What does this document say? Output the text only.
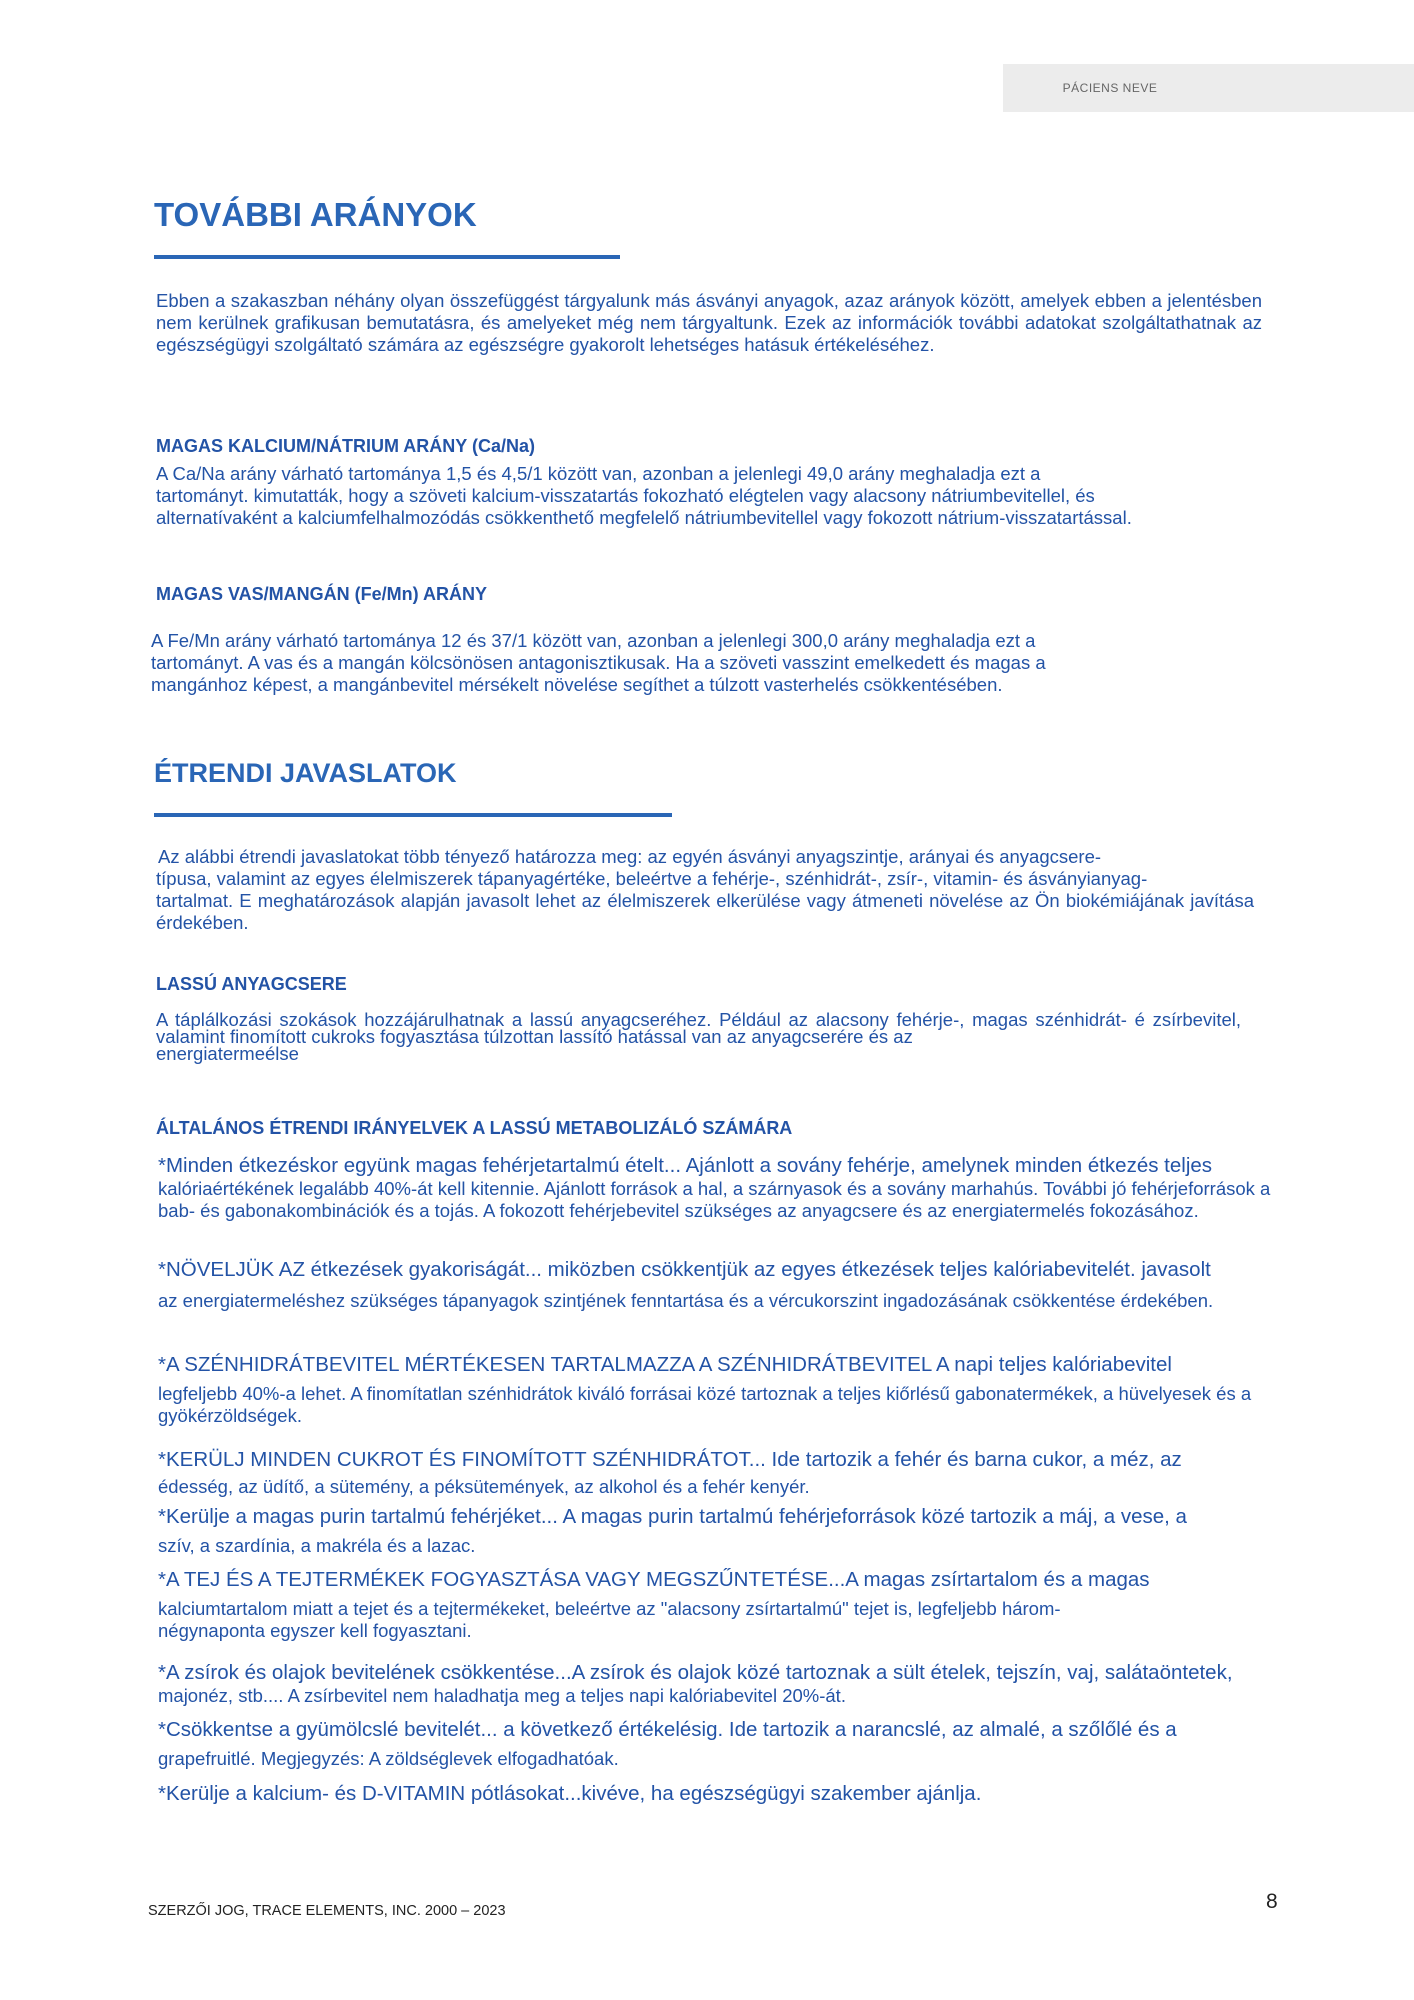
PÁCIENS NEVE
TOVÁBBI ARÁNYOK

Ebben a szakaszban néhány olyan összefüggést tárgyalunk más ásványi anyagok, azaz arányok között, amelyek ebben a jelentésben nem kerülnek grafikusan bemutatásra, és amelyeket még nem tárgyaltunk. Ezek az információk további adatokat szolgáltathatnak az egészségügyi szolgáltató számára az egészségre gyakorolt lehetséges hatásuk értékeléséhez.

MAGAS KALCIUM/NÁTRIUM ARÁNY (Ca/Na)
A Ca/Na arány várható tartománya 1,5 és 4,5/1 között van, azonban a jelenlegi 49,0 arány meghaladja ezt a
tartományt. kimutatták, hogy a szöveti kalcium-visszatartás fokozható elégtelen vagy alacsony nátriumbevitellel, és
alternatívaként a kalciumfelhalmozódás csökkenthető megfelelő nátriumbevitellel vagy fokozott nátrium-visszatartással.
MAGAS VAS/MANGÁN (Fe/Mn) ARÁNY
A Fe/Mn arány várható tartománya 12 és 37/1 között van, azonban a jelenlegi 300,0 arány meghaladja ezt a
tartományt. A vas és a mangán kölcsönösen antagonisztikusak. Ha a szöveti vasszint emelkedett és magas a
mangánhoz képest, a mangánbevitel mérsékelt növelése segíthet a túlzott vasterhelés csökkentésében.
ÉTRENDI JAVASLATOK
Az alábbi étrendi javaslatokat több tényező határozza meg: az egyén ásványi anyagszintje, arányai és anyagcsere-
típusa, valamint az egyes élelmiszerek tápanyagértéke, beleértve a fehérje-, szénhidrát-, zsír-, vitamin- és ásványianyag-
tartalmat. E meghatározások alapján javasolt lehet az élelmiszerek elkerülése vagy átmeneti növelése az Ön biokémiájának javítása érdekében.
LASSÚ ANYAGCSERE
A táplálkozási szokások hozzájárulhatnak a lassú anyagcseréhez. Például az alacsony fehérje-, magas szénhidrát- é zsírbevitel, valamint finomított cukroks fogyasztása túlzottan lassító hatással van az anyagcserére és az
energiatermeélse
ÁLTALÁNOS ÉTRENDI IRÁNYELVEK A LASSÚ METABOLIZÁLÓ SZÁMÁRA
*Minden étkezéskor együnk magas fehérjetartalmú ételt... Ajánlott a sovány fehérje, amelynek minden étkezés teljes
kalóriaértékének legalább 40%-át kell kitennie. Ajánlott források a hal, a szárnyasok és a sovány marhahús. További jó fehérjeforrások a bab- és gabonakombinációk és a tojás. A fokozott fehérjebevitel szükséges az anyagcsere és az energiatermelés fokozásához.
*NÖVELJÜK AZ étkezések gyakoriságát... miközben csökkentjük az egyes étkezések teljes kalóriabevitelét. javasolt
az energiatermeléshez szükséges tápanyagok szintjének fenntartása és a vércukorszint ingadozásának csökkentése érdekében.
*A SZÉNHIDRÁTBEVITEL MÉRTÉKESEN TARTALMAZZA A SZÉNHIDRÁTBEVITEL A napi teljes kalóriabevitel
legfeljebb 40%-a lehet. A finomítatlan szénhidrátok kiváló forrásai közé tartoznak a teljes kiőrlésű gabonatermékek, a hüvelyesek és a gyökérzöldségek.
*KERÜLJ MINDEN CUKROT ÉS FINOMÍTOTT SZÉNHIDRÁTOT... Ide tartozik a fehér és barna cukor, a méz, az
édesség, az üdítő, a sütemény, a péksütemények, az alkohol és a fehér kenyér.
*Kerülje a magas purin tartalmú fehérjéket... A magas purin tartalmú fehérjeforrások közé tartozik a máj, a vese, a
szív, a szardínia, a makréla és a lazac.
*A TEJ ÉS A TEJTERMÉKEK FOGYASZTÁSA VAGY MEGSZŰNTETÉSE...A magas zsírtartalom és a magas
kalciumtartalom miatt a tejet és a tejtermékeket, beleértve az "alacsony zsírtartalmú" tejet is, legfeljebb három-négynaponta egyszer kell fogyasztani.
*A zsírok és olajok bevitelének csökkentése...A zsírok és olajok közé tartoznak a sült ételek, tejszín, vaj, salátaöntetek,
majonéz, stb.... A zsírbevitel nem haladhatja meg a teljes napi kalóriabevitel 20%-át.
*Csökkentse a gyümölcslé bevitelét... a következő értékelésig. Ide tartozik a narancslé, az almalé, a szőlőlé és a
grapefruitlé. Megjegyzés: A zöldséglevek elfogadhatóak.
*Kerülje a kalcium- és D-VITAMIN pótlásokat...kivéve, ha egészségügyi szakember ajánlja.

SZERZŐI JOG, TRACE ELEMENTS, INC. 2000 – 2023	8
